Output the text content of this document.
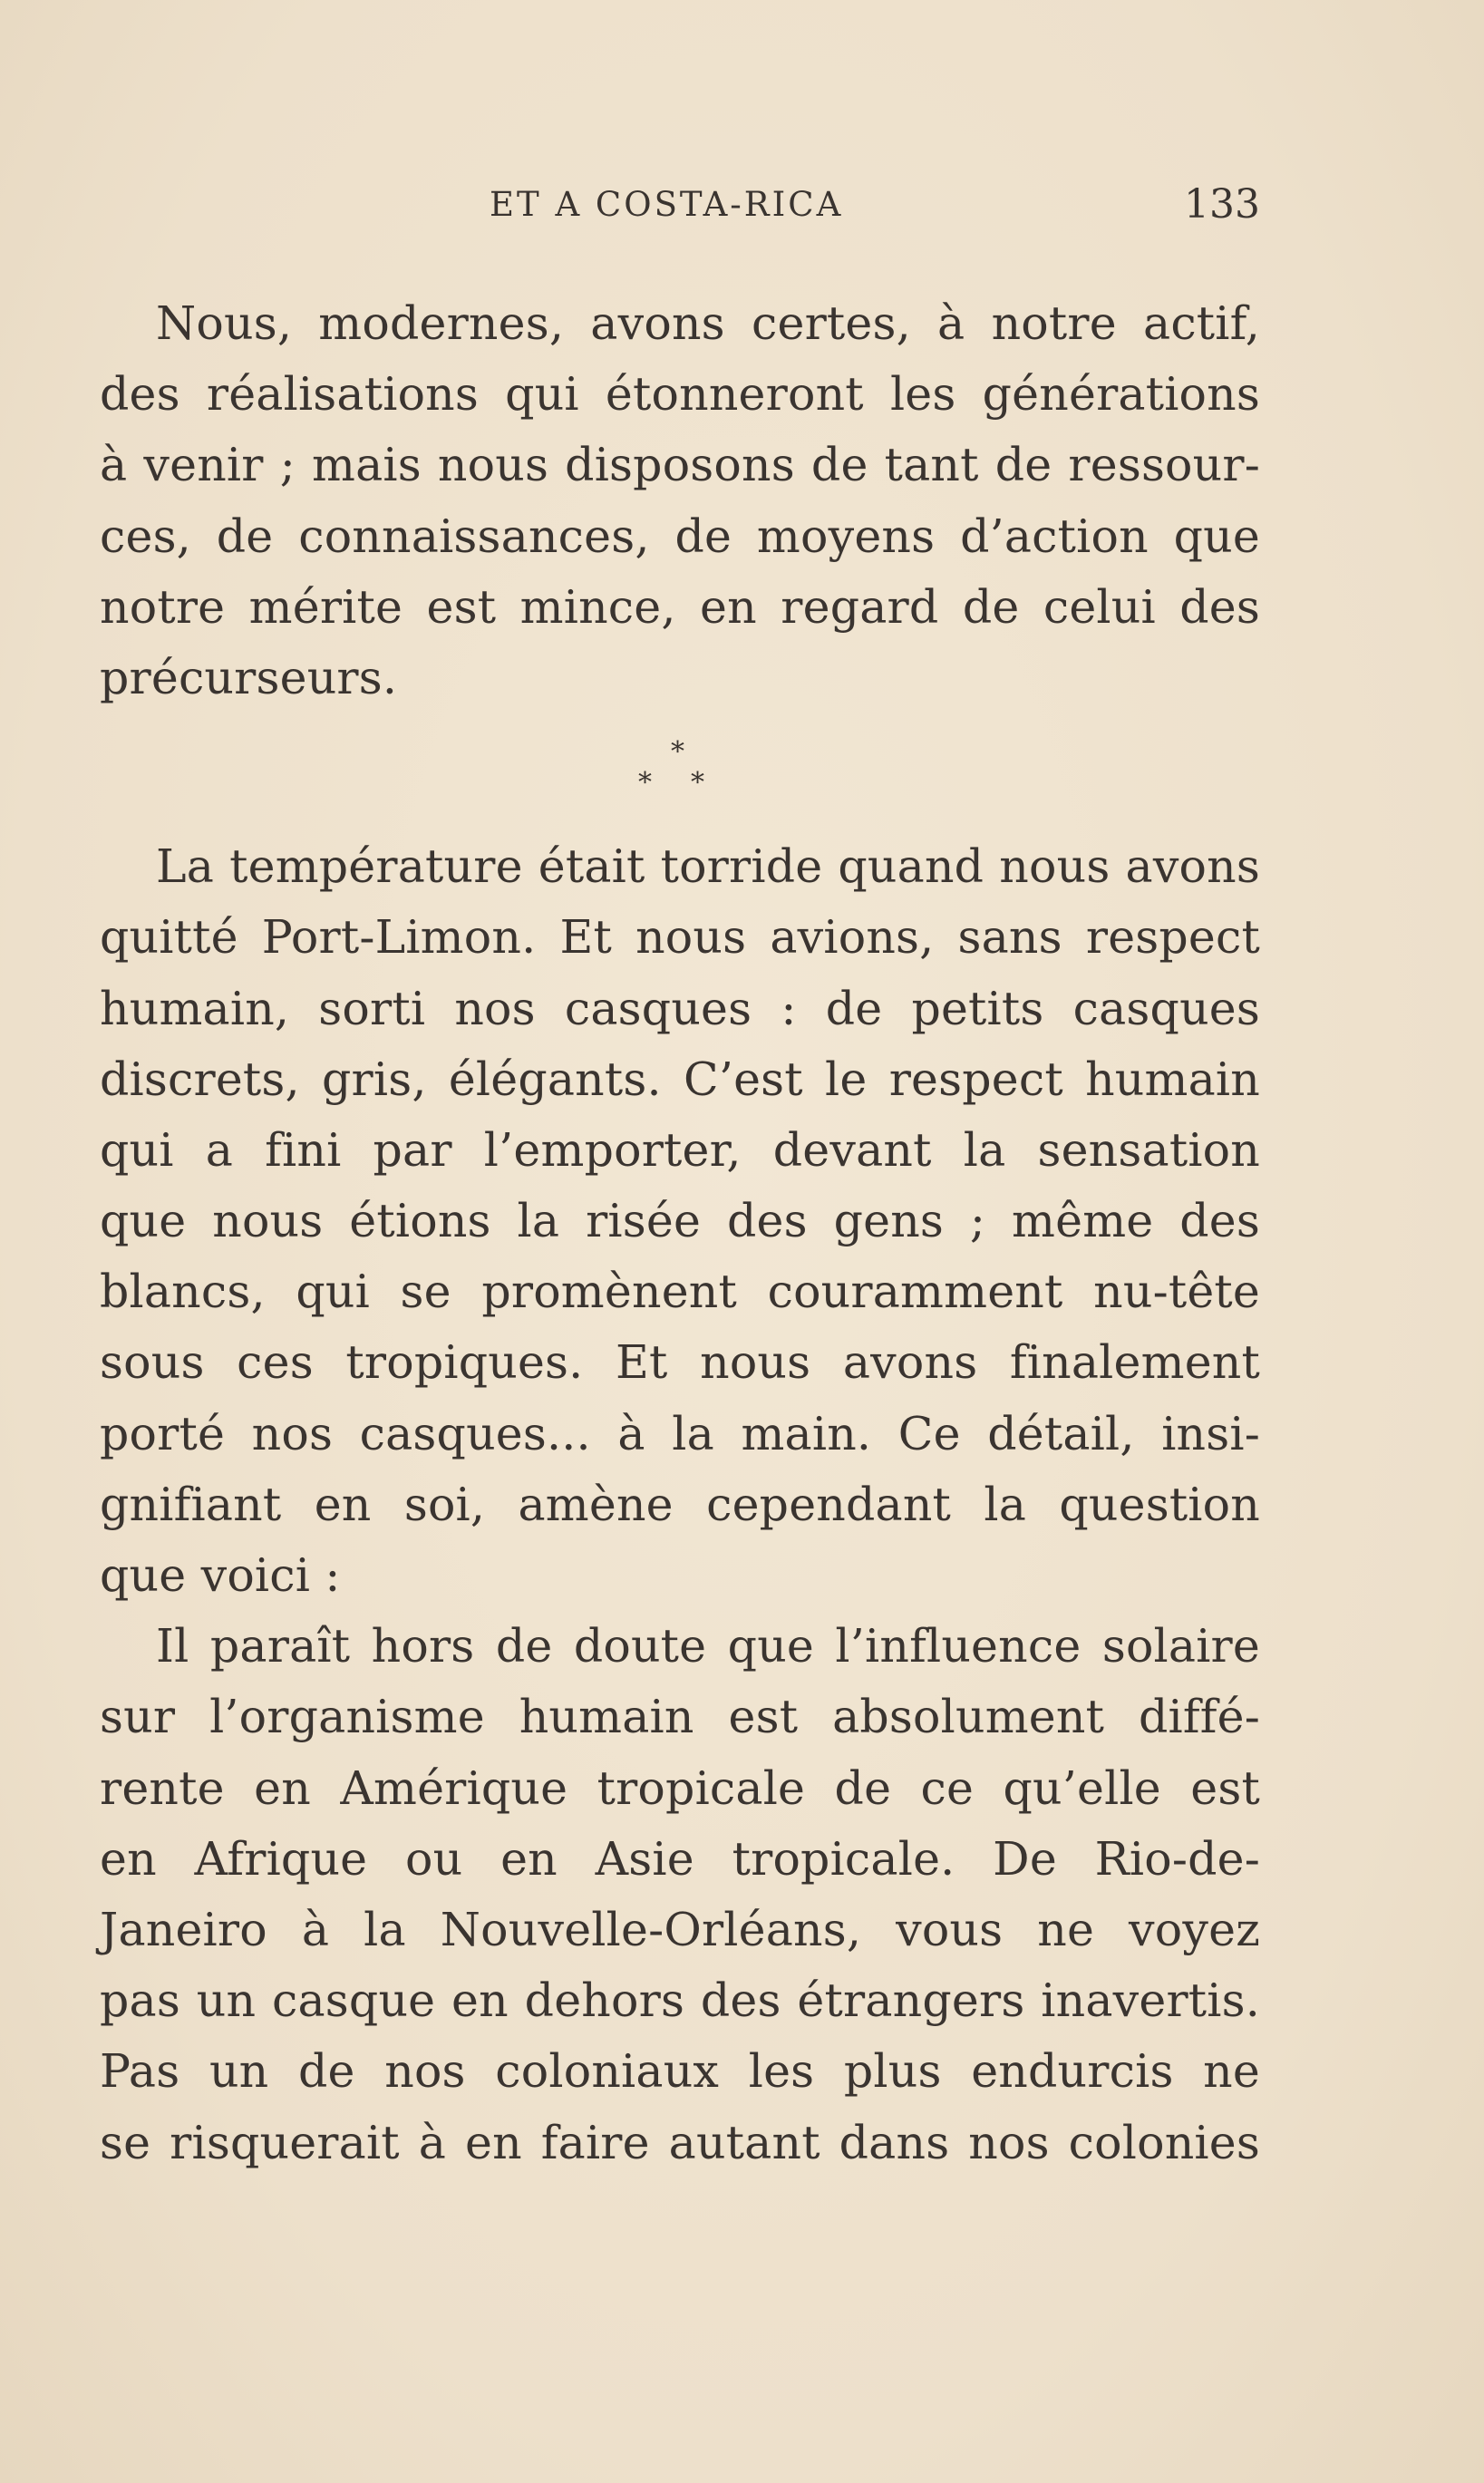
ET A COSTA-RICA	133
Nous, modernes, avons certes, à notre actif,
des réalisations qui étonneront les générations
à venir ; mais nous disposons de tant de ressour-
ces, de connaissances, de moyens d’action que
notre mérite est mince, en regard de celui des
précurseurs.
*
* *
La température était torride quand nous avons
quitté Port-Limon. Et nous avions, sans respect
humain, sorti nos casques : de petits casques
discrets, gris, élégants. C’est le respect humain
qui a fini par l’emporter, devant la sensation
que nous étions la risée des gens ; même des
blancs, qui se promènent couramment nu-tête
sous ces tropiques. Et nous avons finalement
porté nos casques... à la main. Ce détail, insi-
gnifiant en soi, amène cependant la question
que voici :
Il paraît hors de doute que l’influence solaire
sur l’organisme humain est absolument diffé-
rente en Amérique tropicale de ce qu’elle est
en Afrique ou en Asie tropicale. De Rio-de-
Janeiro à la Nouvelle-Orléans, vous ne voyez
pas un casque en dehors des étrangers inavertis.
Pas un de nos coloniaux les plus endurcis ne
se risquerait à en faire autant dans nos colonies
